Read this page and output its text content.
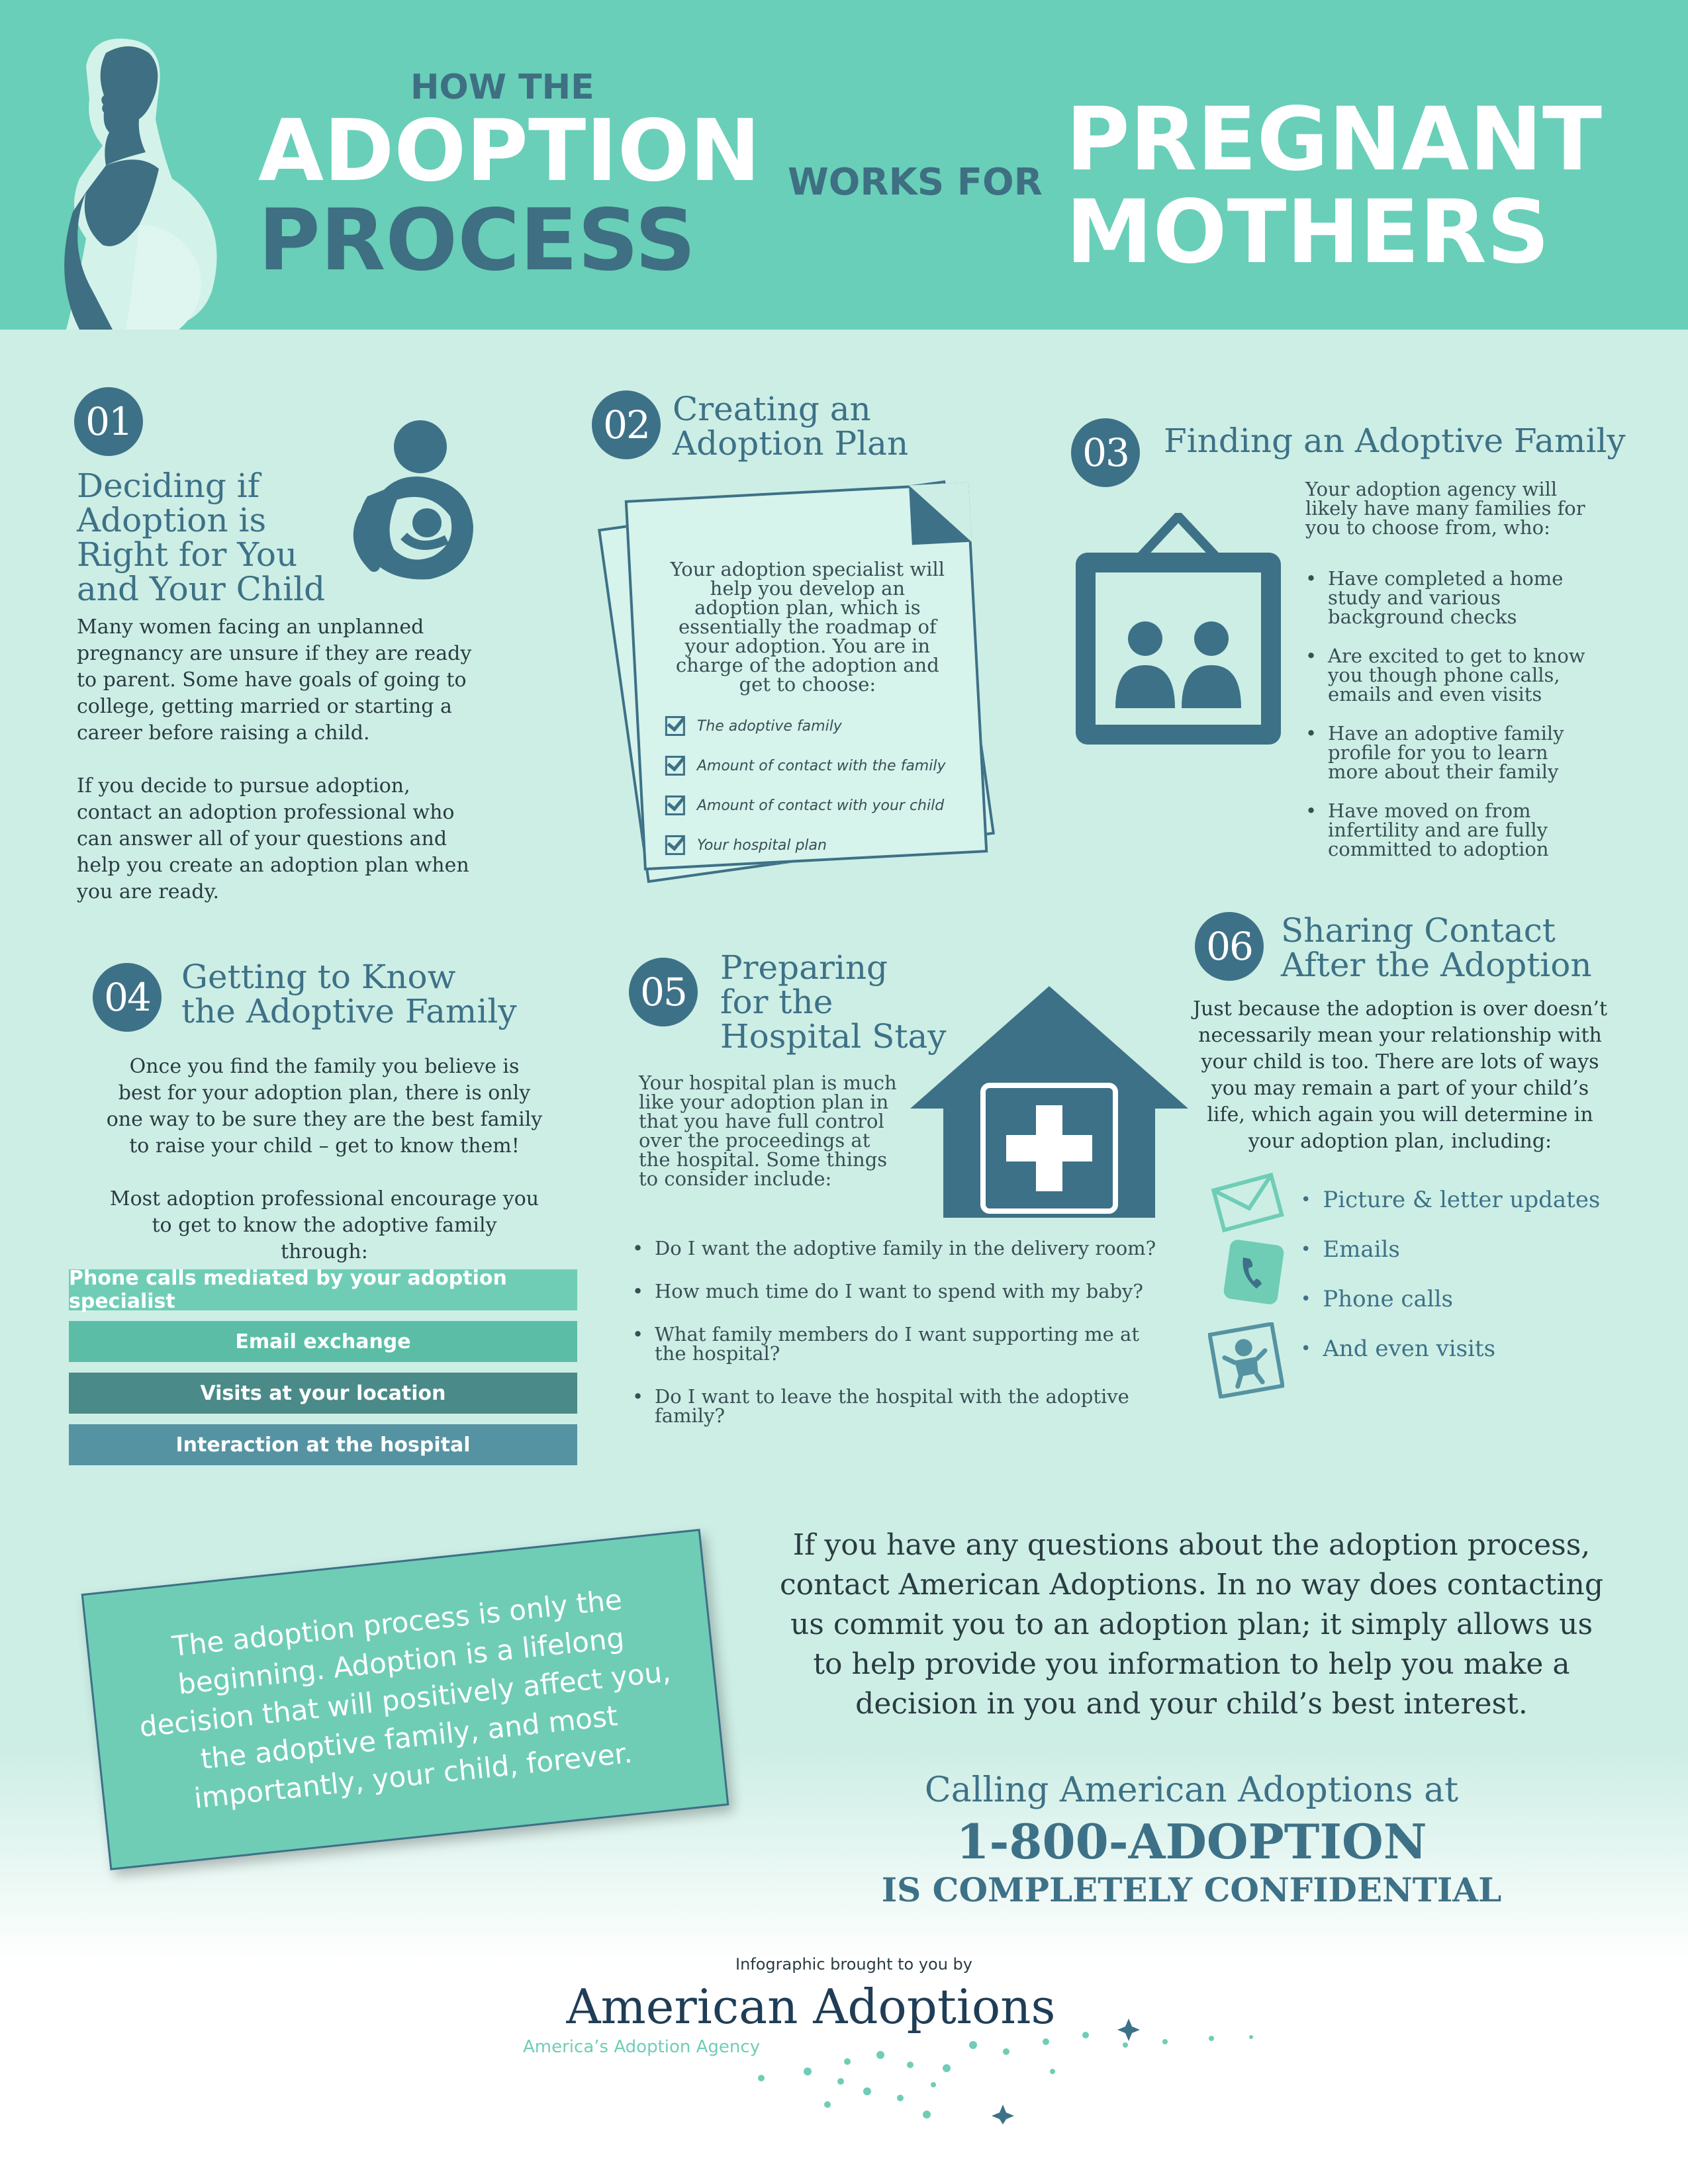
HOW THE
ADOPTION
PROCESS
WORKS FOR PREGNANT
MOTHERS
01
Deciding if
Adoption is
Right for You
and Your Child
Many women facing an unplanned pregnancy are unsure if they are ready to parent. Some have goals of going to college, getting married or starting a career before raising a child.
If you decide to pursue adoption, contact an adoption professional who can answer all of your questions and help you create an adoption plan when you are ready.
02 Creating an
Adoption Plan
Your adoption specialist will help you develop an adoption plan, which is essentially the roadmap of your adoption. You are in charge of the adoption and get to choose:
The adoptive family
Amount of contact with the family
Amount of contact with your child
Your hospital plan
03	Finding an Adoptive Family
Your adoption agency will likely have many families for you to choose from, who:
• Have completed a home study and various background checks
• Are excited to get to know you though phone calls, emails and even visits
• Have an adoptive family profile for you to learn more about their family
• Have moved on from infertility and are fully committed to adoption
04 Getting to Know
the Adoptive Family
Once you find the family you believe is best for your adoption plan, there is only one way to be sure they are the best family to raise your child – get to know them!
Most adoption professional encourage you to get to know the adoptive family through:
Phone calls mediated by your adoption specialist
Email exchange
Visits at your location
Interaction at the hospital
05
Preparing
for the
Hospital Stay
Your hospital plan is much like your adoption plan in that you have full control over the proceedings at the hospital. Some things to consider include:
• Do I want the adoptive family in the delivery room?
• How much time do I want to spend with my baby?
• What family members do I want supporting me at the hospital?
• Do I want to leave the hospital with the adoptive family?
06 Sharing Contact
After the Adoption
Just because the adoption is over doesn’t necessarily mean your relationship with your child is too. There are lots of ways you may remain a part of your child’s life, which again you will determine in your adoption plan, including:
• Picture & letter updates
• Emails
• Phone calls
• And even visits
The adoption process is only the beginning. Adoption is a lifelong decision that will positively affect you, the adoptive family, and most importantly, your child, forever.
If you have any questions about the adoption process, contact American Adoptions. In no way does contacting us commit you to an adoption plan; it simply allows us to help provide you information to help you make a decision in you and your child’s best interest.
Calling American Adoptions at
1-800-ADOPTION
IS COMPLETELY CONFIDENTIAL
Infographic brought to you by
American Adoptions
America’s Adoption Agency
